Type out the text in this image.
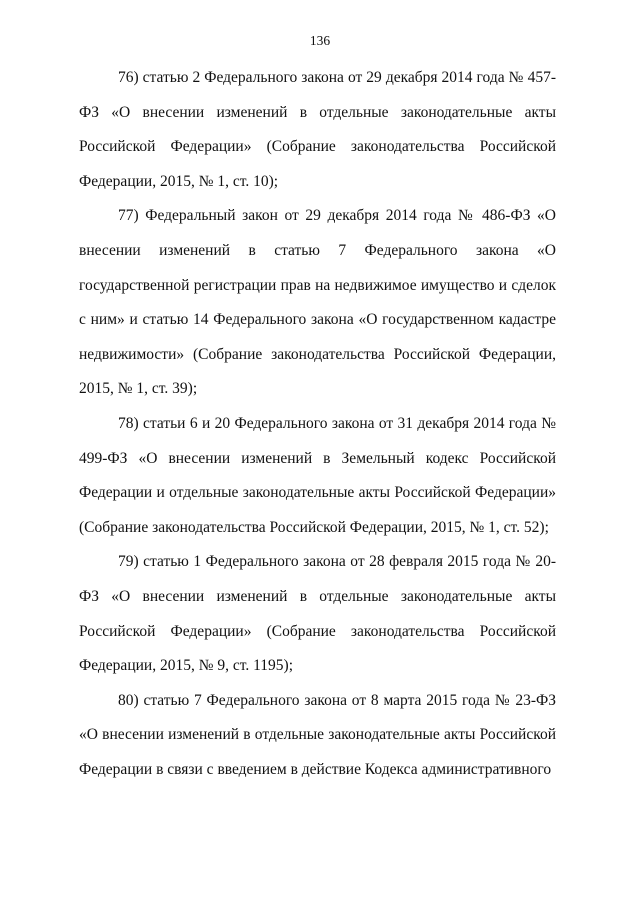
136

76) статью 2 Федерального закона от 29 декабря 2014 года № 457-ФЗ «О внесении изменений в отдельные законодательные акты Российской Федерации» (Собрание законодательства Российской Федерации, 2015, № 1, ст. 10);

77) Федеральный закон от 29 декабря 2014 года № 486-ФЗ «О внесении изменений в статью 7 Федерального закона «О государственной регистрации прав на недвижимое имущество и сделок с ним» и статью 14 Федерального закона «О государственном кадастре недвижимости» (Собрание законодательства Российской Федерации, 2015, № 1, ст. 39);

78) статьи 6 и 20 Федерального закона от 31 декабря 2014 года № 499-ФЗ «О внесении изменений в Земельный кодекс Российской Федерации и отдельные законодательные акты Российской Федерации» (Собрание законодательства Российской Федерации, 2015, № 1, ст. 52);

79) статью 1 Федерального закона от 28 февраля 2015 года № 20-ФЗ «О внесении изменений в отдельные законодательные акты Российской Федерации» (Собрание законодательства Российской Федерации, 2015, № 9, ст. 1195);

80) статью 7 Федерального закона от 8 марта 2015 года № 23-ФЗ «О внесении изменений в отдельные законодательные акты Российской Федерации в связи с введением в действие Кодекса административного
